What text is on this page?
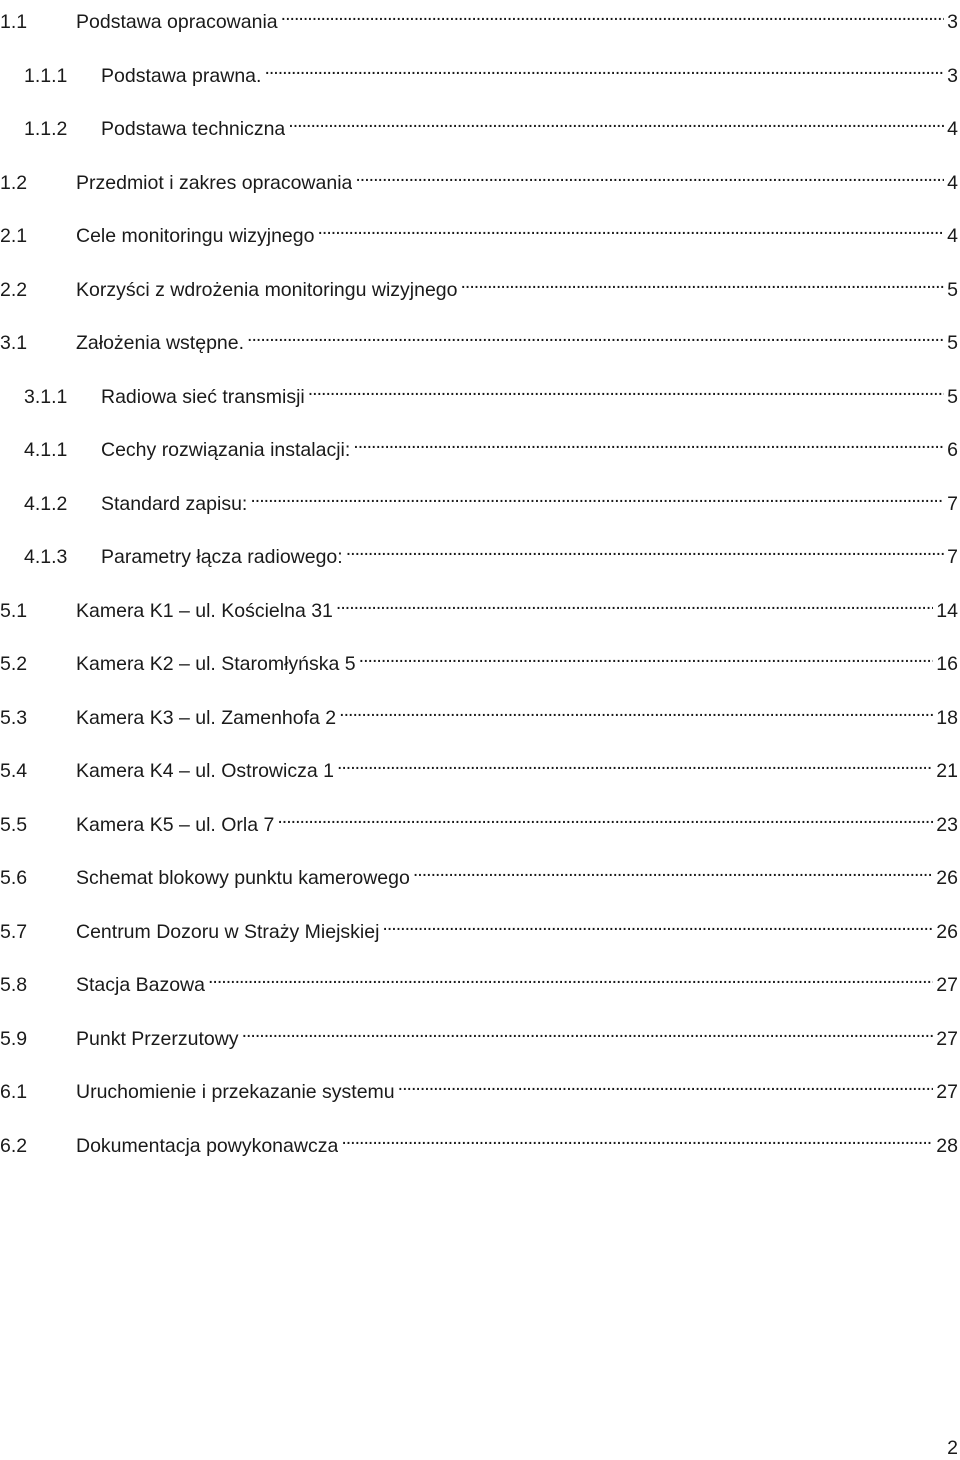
1.1	Podstawa opracowania . . .	3
1.1.1	Podstawa prawna. . . .	3
1.1.2	Podstawa techniczna . . .	4
1.2	Przedmiot i zakres opracowania . . .	4
2.1	Cele monitoringu wizyjnego . . .	4
2.2	Korzyści z wdrożenia monitoringu wizyjnego . . .	5
3.1	Założenia wstępne. . . .	5
3.1.1	Radiowa sieć transmisji . . .	5
4.1.1	Cechy rozwiązania instalacji: . . .	6
4.1.2	Standard zapisu: . . .	7
4.1.3	Parametry łącza radiowego: . . .	7
5.1	Kamera K1 – ul. Kościelna 31 . . .	14
5.2	Kamera K2 – ul. Staromłyńska 5 . . .	16
5.3	Kamera K3 – ul. Zamenhofa 2 . . .	18
5.4	Kamera K4 – ul. Ostrowicza 1 . . .	21
5.5	Kamera K5 – ul. Orla 7 . . .	23
5.6	Schemat blokowy punktu kamerowego . . .	26
5.7	Centrum Dozoru w Straży Miejskiej . . .	26
5.8	Stacja Bazowa . . .	27
5.9	Punkt Przerzutowy . . .	27
6.1	Uruchomienie i przekazanie systemu . . .	27
6.2	Dokumentacja powykonawcza . . .	28
2
